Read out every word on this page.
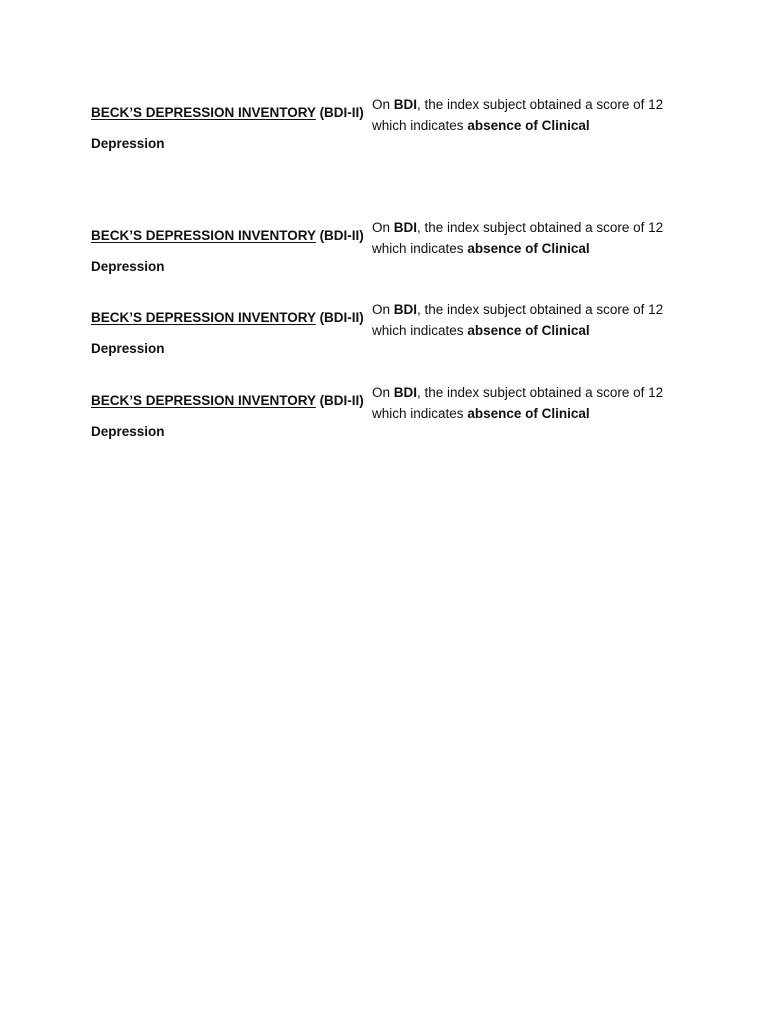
BECK’S DEPRESSION INVENTORY (BDI-II)
Depression
On BDI, the index subject obtained a score of 12 which indicates absence of Clinical
BECK’S DEPRESSION INVENTORY (BDI-II)
Depression
On BDI, the index subject obtained a score of 12 which indicates absence of Clinical
BECK’S DEPRESSION INVENTORY (BDI-II)
Depression
On BDI, the index subject obtained a score of 12 which indicates absence of Clinical
BECK’S DEPRESSION INVENTORY (BDI-II)
Depression
On BDI, the index subject obtained a score of 12 which indicates absence of Clinical
